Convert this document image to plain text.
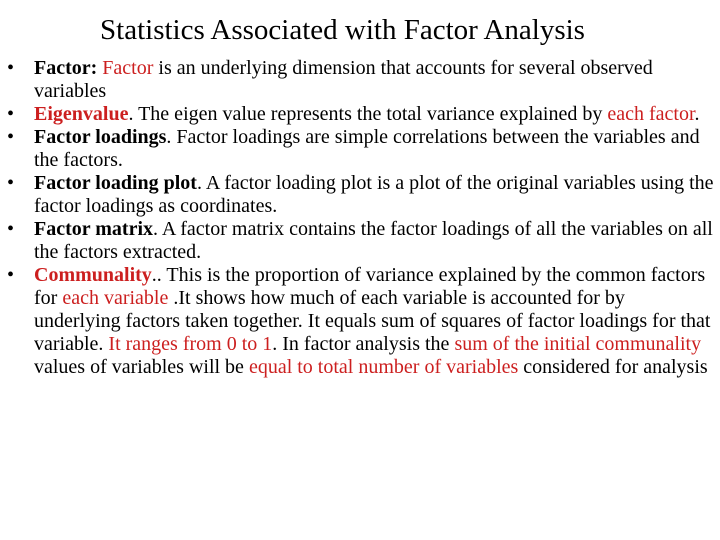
Statistics Associated with Factor Analysis
• Factor: Factor is an underlying dimension that accounts for several observed variables
• Eigenvalue. The eigen value represents the total variance explained by each factor.
• Factor loadings. Factor loadings are simple correlations between the variables and the factors.
• Factor loading plot. A factor loading plot is a plot of the original variables using the factor loadings as coordinates.
• Factor matrix. A factor matrix contains the factor loadings of all the variables on all the factors extracted.
• Communality.. This is the proportion of variance explained by the common factors for each variable .It shows how much of each variable is accounted for by underlying factors taken together. It equals sum of squares of factor loadings for that variable. It ranges from 0 to 1. In factor analysis the sum of the initial communality values of variables will be equal to total number of variables considered for analysis
